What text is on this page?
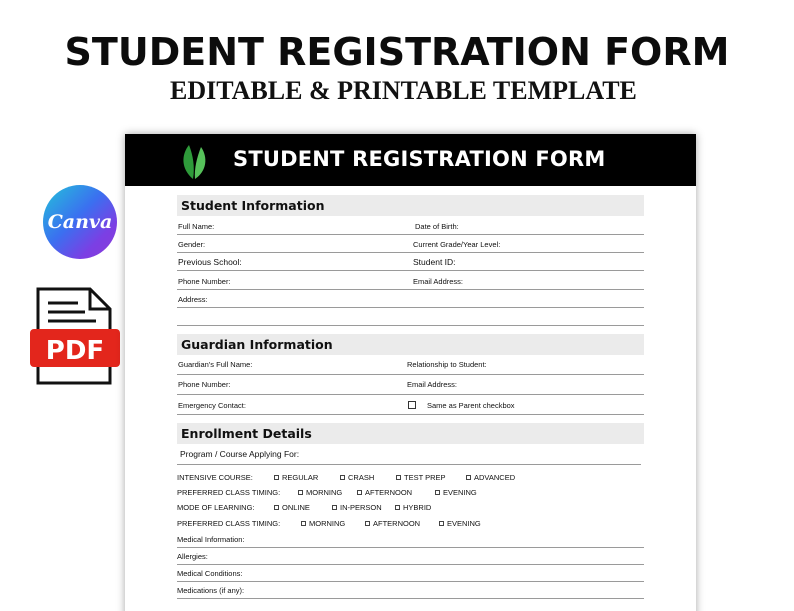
STUDENT REGISTRATION FORM
EDITABLE & PRINTABLE TEMPLATE
Canva
PDF
STUDENT REGISTRATION FORM
Student Information
Full Name:	Date of Birth:
Gender:	Current Grade/Year Level:
Previous School:	Student ID:
Phone Number:	Email Address:
Address:
Guardian Information
Guardian's Full Name:	Relationship to Student:
Phone Number:	Email Address:
Emergency Contact:	Same as Parent checkbox
Enrollment Details
Program / Course Applying For:
INTENSIVE COURSE:	REGULAR	CRASH	TEST PREP	ADVANCED
PREFERRED CLASS TIMING:	MORNING	AFTERNOON	EVENING
MODE OF LEARNING:	ONLINE	IN-PERSON	HYBRID
PREFERRED CLASS TIMING:	MORNING	AFTERNOON	EVENING
Medical Information:
Allergies:
Medical Conditions:
Medications (if any):
